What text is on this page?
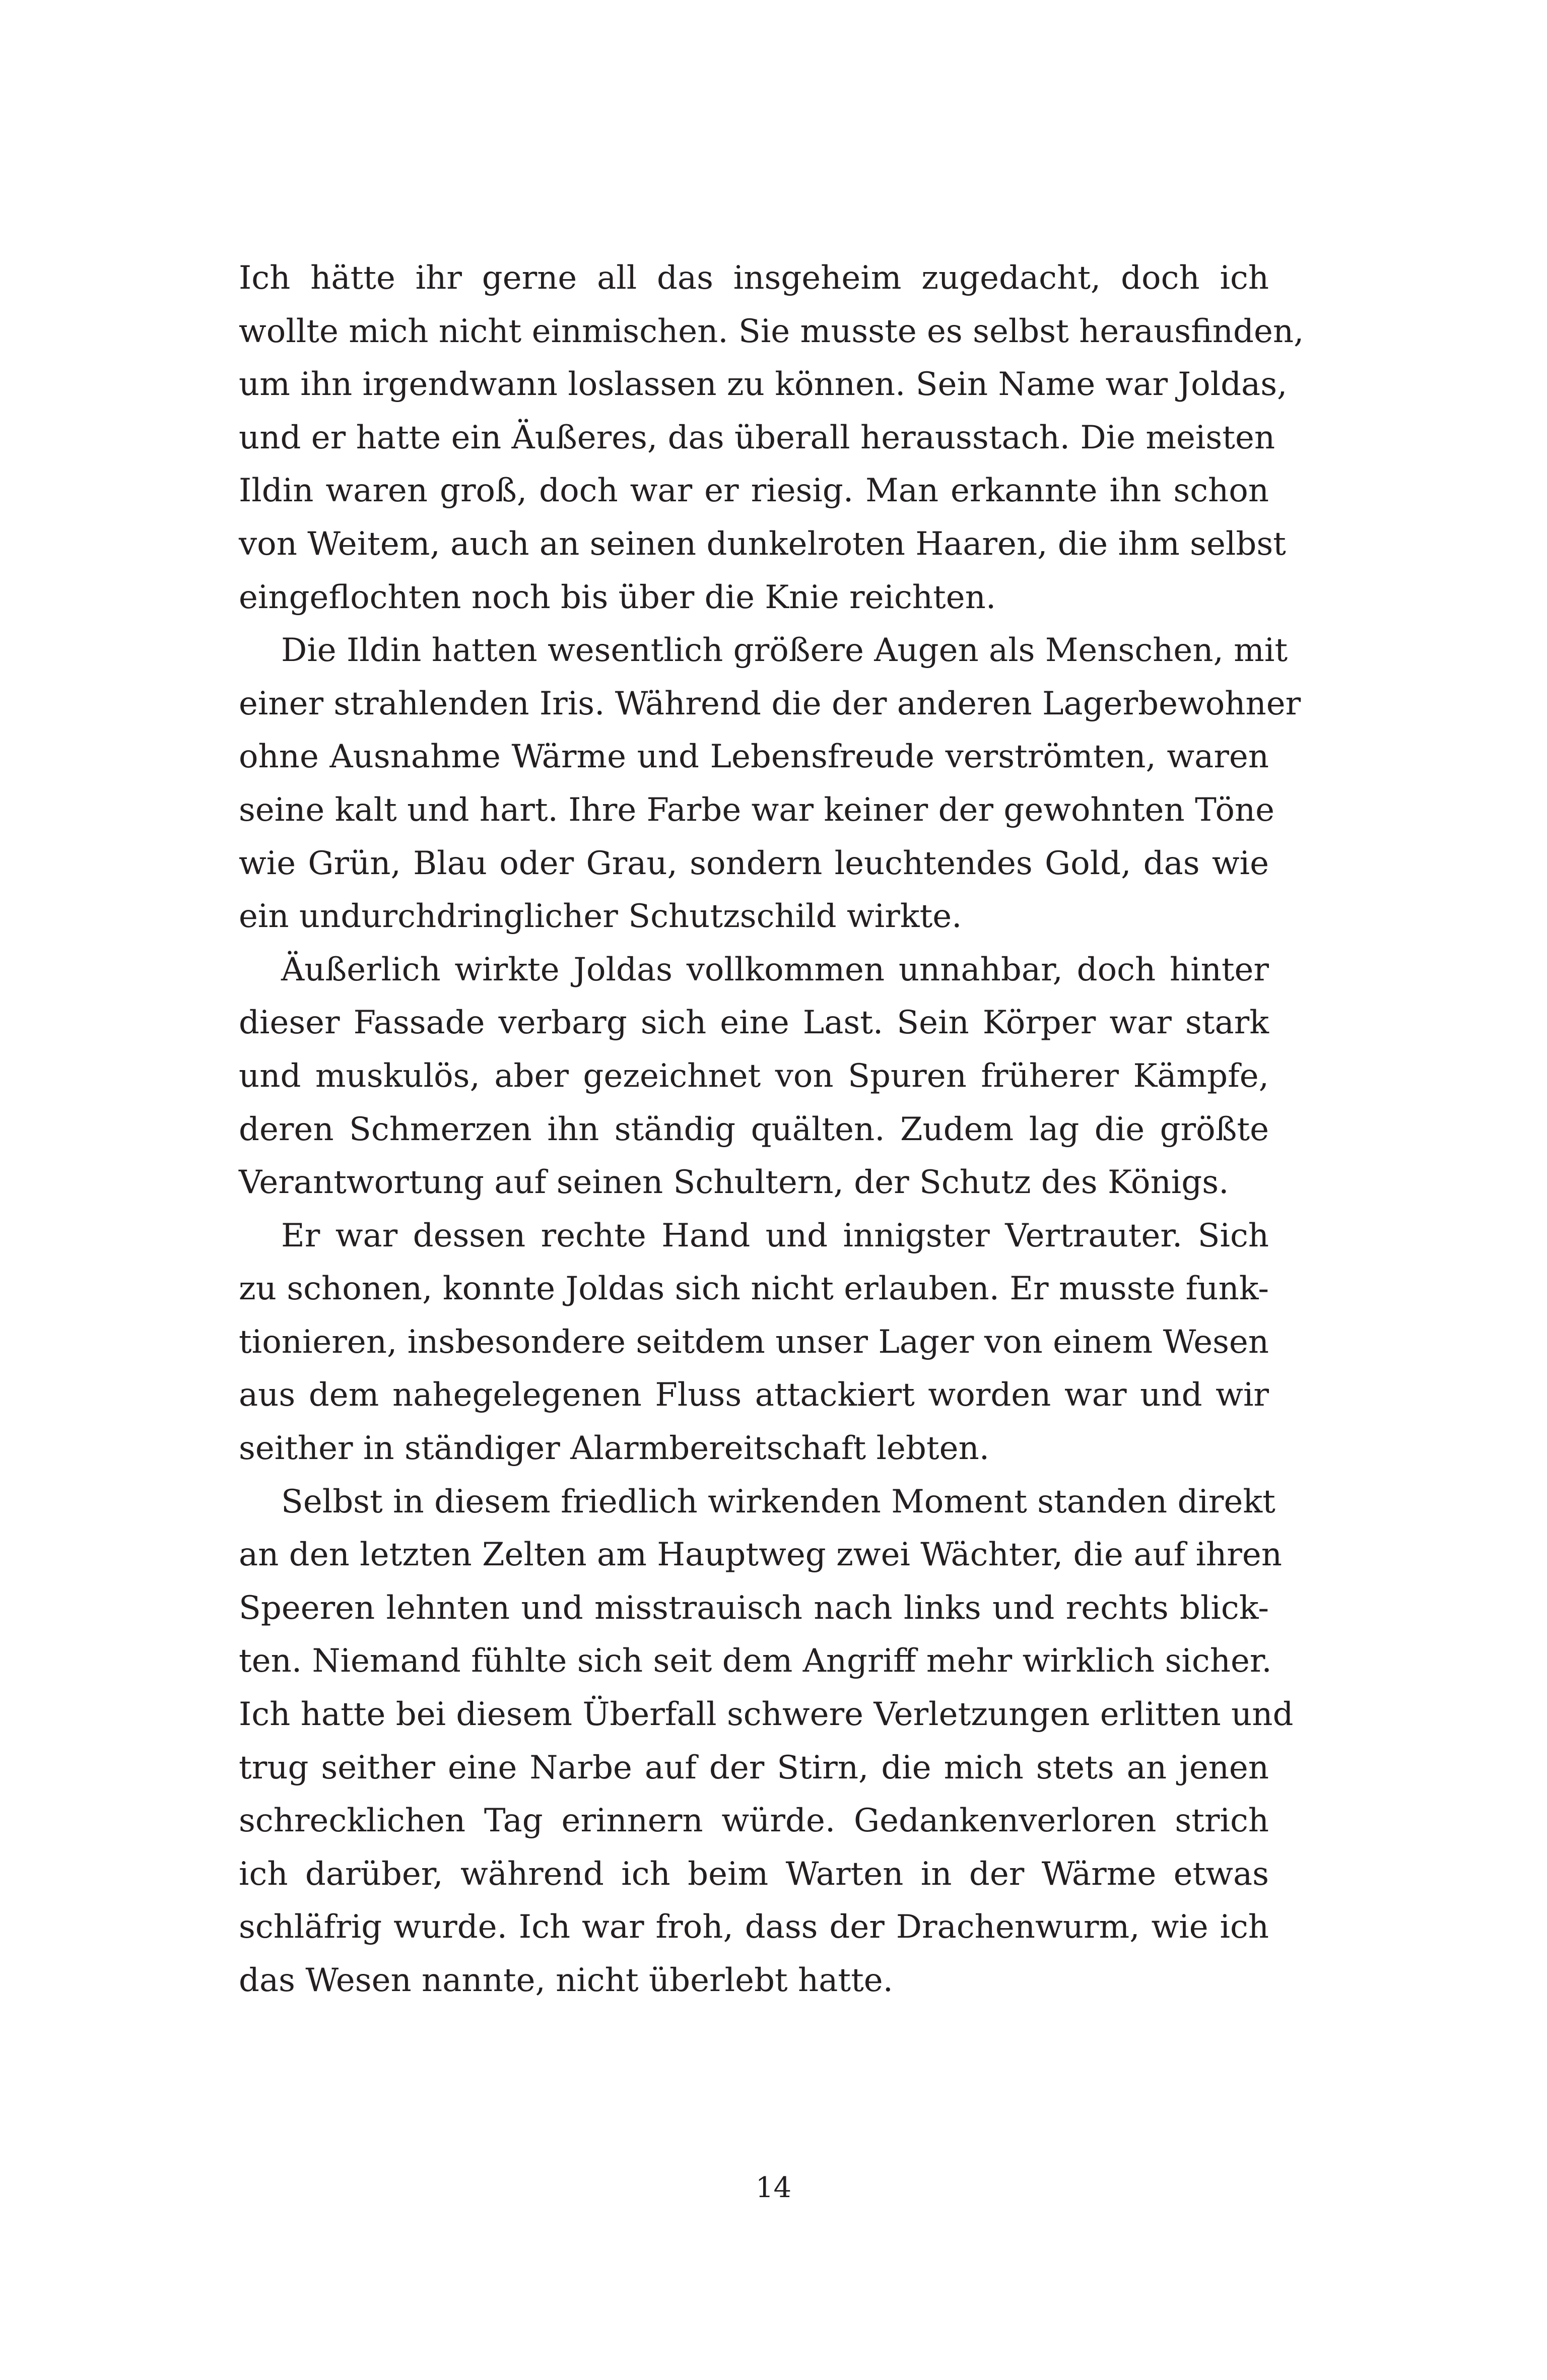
Ich hätte ihr gerne all das insgeheim zugedacht, doch ich
wollte mich nicht einmischen. Sie musste es selbst herausfinden,
um ihn irgendwann loslassen zu können. Sein Name war Joldas,
und er hatte ein Äußeres, das überall herausstach. Die meisten
Ildin waren groß, doch war er riesig. Man erkannte ihn schon
von Weitem, auch an seinen dunkelroten Haaren, die ihm selbst
eingeflochten noch bis über die Knie reichten.
Die Ildin hatten wesentlich größere Augen als Menschen, mit
einer strahlenden Iris. Während die der anderen Lagerbewohner
ohne Ausnahme Wärme und Lebensfreude verströmten, waren
seine kalt und hart. Ihre Farbe war keiner der gewohnten Töne
wie Grün, Blau oder Grau, sondern leuchtendes Gold, das wie
ein undurchdringlicher Schutzschild wirkte.
Äußerlich wirkte Joldas vollkommen unnahbar, doch hinter
dieser Fassade verbarg sich eine Last. Sein Körper war stark
und muskulös, aber gezeichnet von Spuren früherer Kämpfe,
deren Schmerzen ihn ständig quälten. Zudem lag die größte
Verantwortung auf seinen Schultern, der Schutz des Königs.
Er war dessen rechte Hand und innigster Vertrauter. Sich
zu schonen, konnte Joldas sich nicht erlauben. Er musste funk-
tionieren, insbesondere seitdem unser Lager von einem Wesen
aus dem nahegelegenen Fluss attackiert worden war und wir
seither in ständiger Alarmbereitschaft lebten.
Selbst in diesem friedlich wirkenden Moment standen direkt
an den letzten Zelten am Hauptweg zwei Wächter, die auf ihren
Speeren lehnten und misstrauisch nach links und rechts blick-
ten. Niemand fühlte sich seit dem Angriff mehr wirklich sicher.
Ich hatte bei diesem Überfall schwere Verletzungen erlitten und
trug seither eine Narbe auf der Stirn, die mich stets an jenen
schrecklichen Tag erinnern würde. Gedankenverloren strich
ich darüber, während ich beim Warten in der Wärme etwas
schläfrig wurde. Ich war froh, dass der Drachenwurm, wie ich
das Wesen nannte, nicht überlebt hatte.
14
